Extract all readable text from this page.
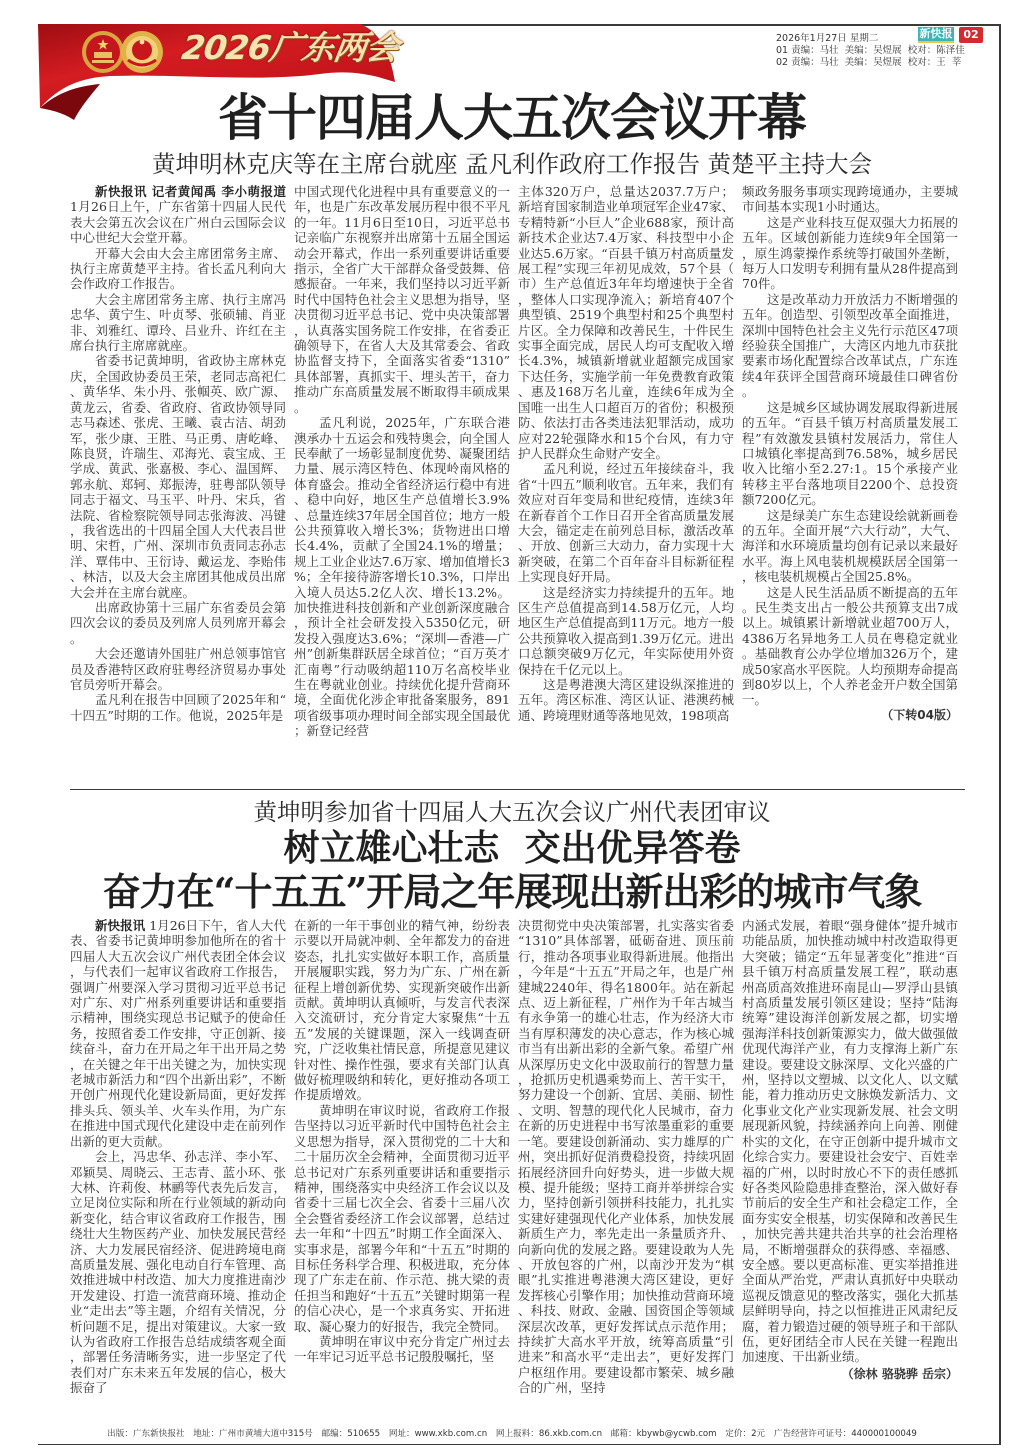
2026广东两会	2026年1月27日 星期二
01 责编：马壮  美编：吴煜展  校对：陈泽佳
02 责编：马壮  美编：吴煜展  校对：王  莘
新快报 02
省十四届人大五次会议开幕
黄坤明林克庆等在主席台就座 孟凡利作政府工作报告 黄楚平主持大会

新快报讯 记者黄闻禹 李小萌报道 1月26日上午，广东省第十四届人民代表大会第五次会议在广州白云国际会议中心世纪大会堂开幕。

开幕大会由大会主席团常务主席、执行主席黄楚平主持。省长孟凡利向大会作政府工作报告。

大会主席团常务主席、执行主席冯忠华、黄宁生、叶贞琴、张硕辅、肖亚非、刘雅红、谭玲、吕业升、许红在主席台执行主席席就座。

省委书记黄坤明，省政协主席林克庆，全国政协委员王荣，老同志高祀仁、黄华华、朱小丹、张帼英、欧广源、黄龙云，省委、省政府、省政协领导同志马森述、张虎、王曦、袁古洁、胡劲军，张少康、王胜、马正勇、唐屹峰、陈良贤，许瑞生、邓海光、袁宝成、王学成、黄武、张嘉极、李心、温国辉、郭永航、郑轲、郑振涛，驻粤部队领导同志于福文、马玉平、叶丹、宋兵，省法院、省检察院领导同志张海波、冯键，我省选出的十四届全国人大代表吕世明、宋哲，广州、深圳市负责同志孙志洋、覃伟中、王衍诗、戴运龙、李贻伟、林洁，以及大会主席团其他成员出席大会并在主席台就座。

出席政协第十三届广东省委员会第四次会议的委员及列席人员列席开幕会。

大会还邀请外国驻广州总领事馆官员及香港特区政府驻粤经济贸易办事处官员旁听开幕会。

孟凡利在报告中回顾了2025年和“十四五”时期的工作。他说，2025年是

中国式现代化进程中具有重要意义的一年，也是广东改革发展历程中很不平凡的一年。11月6日至10日，习近平总书记亲临广东视察并出席第十五届全国运动会开幕式，作出一系列重要讲话重要指示，全省广大干部群众备受鼓舞、倍感振奋。一年来，我们坚持以习近平新时代中国特色社会主义思想为指导，坚决贯彻习近平总书记、党中央决策部署，认真落实国务院工作安排，在省委正确领导下，在省人大及其常委会、省政协监督支持下，全面落实省委“1310”具体部署，真抓实干、埋头苦干，奋力推动广东高质量发展不断取得丰硕成果。

孟凡利说，2025年，广东联合港澳承办十五运会和残特奥会，向全国人民奉献了一场彰显制度优势、凝聚团结力量、展示湾区特色、体现岭南风格的体育盛会。推动全省经济运行稳中有进、稳中向好，地区生产总值增长3.9%、总量连续37年居全国首位；地方一般公共预算收入增长3%；货物进出口增长4.4%，贡献了全国24.1%的增量；规上工业企业达7.6万家、增加值增长3%；全年接待游客增长10.3%，口岸出入境人员达5.2亿人次、增长13.2%。加快推进科技创新和产业创新深度融合，预计全社会研发投入5350亿元，研发投入强度达3.6%；“深圳—香港—广州”创新集群跃居全球首位；“百万英才汇南粤”行动吸纳超110万名高校毕业生在粤就业创业。持续优化提升营商环境，全面优化涉企审批备案服务，891项省级事项办理时间全部实现全国最优；新登记经营

主体320万户，总量达2037.7万户；新培育国家制造业单项冠军企业47家、专精特新“小巨人”企业688家，预计高新技术企业达7.4万家、科技型中小企业达5.6万家。“百县千镇万村高质量发展工程”实现三年初见成效，57个县（市）生产总值近3年年均增速快于全省，整体人口实现净流入；新培育407个典型镇、2519个典型村和25个典型村片区。全力保障和改善民生，十件民生实事全面完成，居民人均可支配收入增长4.3%，城镇新增就业超额完成国家下达任务，实施学前一年免费教育政策、惠及168万名儿童，连续6年成为全国唯一出生人口超百万的省份；积极预防、依法打击各类违法犯罪活动，成功应对22轮强降水和15个台风，有力守护人民群众生命财产安全。

孟凡利说，经过五年接续奋斗，我省“十四五”顺利收官。五年来，我们有效应对百年变局和世纪疫情，连续3年在新春首个工作日召开全省高质量发展大会，锚定走在前列总目标，激活改革、开放、创新三大动力，奋力实现十大新突破，在第二个百年奋斗目标新征程上实现良好开局。

这是经济实力持续提升的五年。地区生产总值提高到14.58万亿元，人均地区生产总值提高到11万元。地方一般公共预算收入提高到1.39万亿元。进出口总额突破9万亿元，年实际使用外资保持在千亿元以上。

这是粤港澳大湾区建设纵深推进的五年。湾区标准、湾区认证、港澳药械通、跨境理财通等落地见效，198项高

频政务服务事项实现跨境通办，主要城市间基本实现1小时通达。

这是产业科技互促双强大力拓展的五年。区域创新能力连续9年全国第一，原生鸿蒙操作系统等打破国外垄断，每万人口发明专利拥有量从28件提高到70件。

这是改革动力开放活力不断增强的五年。创造型、引领型改革全面推进，深圳中国特色社会主义先行示范区47项经验获全国推广，大湾区内地九市获批要素市场化配置综合改革试点，广东连续4年获评全国营商环境最佳口碑省份。

这是城乡区域协调发展取得新进展的五年。“百县千镇万村高质量发展工程”有效激发县镇村发展活力，常住人口城镇化率提高到76.58%，城乡居民收入比缩小至2.27:1。15个承接产业转移主平台落地项目2200个、总投资额7200亿元。

这是绿美广东生态建设绘就新画卷的五年。全面开展“六大行动”，大气、海洋和水环境质量均创有记录以来最好水平。海上风电装机规模跃居全国第一，核电装机规模占全国25.8%。

这是人民生活品质不断提高的五年。民生类支出占一般公共预算支出7成以上。城镇累计新增就业超700万人，4386万名异地务工人员在粤稳定就业。基础教育公办学位增加326万个，建成50家高水平医院。人均预期寿命提高到80岁以上，个人养老金开户数全国第一。

（下转04版）
黄坤明参加省十四届人大五次会议广州代表团审议
树立雄心壮志  交出优异答卷
奋力在“十五五”开局之年展现出新出彩的城市气象

新快报讯 1月26日下午，省人大代表、省委书记黄坤明参加他所在的省十四届人大五次会议广州代表团全体会议，与代表们一起审议省政府工作报告，强调广州要深入学习贯彻习近平总书记对广东、对广州系列重要讲话和重要指示精神，围绕实现总书记赋予的使命任务，按照省委工作安排，守正创新、接续奋斗，奋力在开局之年干出开局之势，在关键之年干出关键之为，加快实现老城市新活力和“四个出新出彩”，不断开创广州现代化建设新局面，更好发挥排头兵、领头羊、火车头作用，为广东在推进中国式现代化建设中走在前列作出新的更大贡献。

会上，冯忠华、孙志洋、李小军、邓颖昊、周晓云、王志青、蓝小环、张大林、许莉俊、林鹂等代表先后发言，立足岗位实际和所在行业领域的新动向新变化，结合审议省政府工作报告，围绕壮大生物医药产业、加快发展民营经济、大力发展民宿经济、促进跨境电商高质量发展、强化电动自行车管理、高效推进城中村改造、加大力度推进南沙开发建设、打造一流营商环境、推动企业“走出去”等主题，介绍有关情况，分析问题不足，提出对策建议。大家一致认为省政府工作报告总结成绩客观全面，部署任务清晰务实，进一步坚定了代表们对广东未来五年发展的信心，极大振奋了

在新的一年干事创业的精气神，纷纷表示要以开局就冲刺、全年都发力的奋进姿态，扎扎实实做好本职工作，高质量开展履职实践，努力为广东、广州在新征程上增创新优势、实现新突破作出新贡献。黄坤明认真倾听，与发言代表深入交流研讨，充分肯定大家聚焦“十五五”发展的关键课题，深入一线调查研究，广泛收集社情民意，所提意见建议针对性、操作性强，要求有关部门认真做好梳理吸纳和转化，更好推动各项工作提质增效。

黄坤明在审议时说，省政府工作报告坚持以习近平新时代中国特色社会主义思想为指导，深入贯彻党的二十大和二十届历次全会精神，全面贯彻习近平总书记对广东系列重要讲话和重要指示精神，围绕落实中央经济工作会议以及省委十三届七次全会、省委十三届八次全会暨省委经济工作会议部署，总结过去一年和“十四五”时期工作全面深入、实事求是，部署今年和“十五五”时期的目标任务科学合理、积极进取，充分体现了广东走在前、作示范、挑大梁的责任担当和跑好“十五五”关键时期第一程的信心决心，是一个求真务实、开拓进取、凝心聚力的好报告，我完全赞同。

黄坤明在审议中充分肯定广州过去一年牢记习近平总书记殷殷嘱托，坚

决贯彻党中央决策部署，扎实落实省委“1310”具体部署，砥砺奋进、顶压前行，推动各项事业取得新进展。他指出，今年是“十五五”开局之年，也是广州建城2240年、得名1800年。站在新起点、迈上新征程，广州作为千年古城当有永争第一的雄心壮志，作为经济大市当有厚积薄发的决心意志，作为核心城市当有出新出彩的全新气象。希望广州从深厚历史文化中汲取前行的智慧力量，抢抓历史机遇乘势而上、苦干实干，努力建设一个创新、宜居、美丽、韧性、文明、智慧的现代化人民城市，奋力在新的历史进程中书写浓墨重彩的重要一笔。要建设创新涌动、实力雄厚的广州，突出抓好促消费稳投资，持续巩固拓展经济回升向好势头，进一步做大规模、提升能级；坚持工商并举拼综合实力，坚持创新引领拼科技能力，扎扎实实建好建强现代化产业体系，加快发展新质生产力，率先走出一条量质齐升、向新向优的发展之路。要建设敢为人先、开放包容的广州，以南沙开发为“棋眼”扎实推进粤港澳大湾区建设，更好发挥核心引擎作用；加快推动营商环境、科技、财政、金融、国资国企等领域深层次改革，更好发挥试点示范作用；持续扩大高水平开放，统筹高质量“引进来”和高水平“走出去”，更好发挥门户枢纽作用。要建设都市繁荣、城乡融合的广州，坚持

内涵式发展，着眼“强身健体”提升城市功能品质，加快推动城中村改造取得更大突破；锚定“五年显著变化”推进“百县千镇万村高质量发展工程”，联动惠州高质高效推进环南昆山—罗浮山县镇村高质量发展引领区建设；坚持“陆海统筹”建设海洋创新发展之都，切实增强海洋科技创新策源实力，做大做强做优现代海洋产业，有力支撑海上新广东建设。要建设文脉深厚、文化兴盛的广州，坚持以文塑城、以文化人、以文赋能，着力推动历史文脉焕发新活力、文化事业文化产业实现新发展、社会文明展现新风貌，持续涵养向上向善、刚健朴实的文化，在守正创新中提升城市文化综合实力。要建设社会安宁、百姓幸福的广州，以时时放心不下的责任感抓好各类风险隐患排查整治，深入做好春节前后的安全生产和社会稳定工作，全面夯实安全根基，切实保障和改善民生，加快完善共建共治共享的社会治理格局，不断增强群众的获得感、幸福感、安全感。要以更高标准、更实举措推进全面从严治党，严肃认真抓好中央联动巡视反馈意见的整改落实，强化大抓基层鲜明导向，持之以恒推进正风肃纪反腐，着力锻造过硬的领导班子和干部队伍，更好团结全市人民在关键一程跑出加速度、干出新业绩。

（徐林 骆骁骅 岳宗）
出版：广东新快报社 地址：广州市黄埔大道中315号 邮编：510655 网址：www.xkb.com.cn 网上报料：86.xkb.com.cn 邮箱：kbywb@ycwb.com 定价：2元 广告经营许可证号：440000100049
